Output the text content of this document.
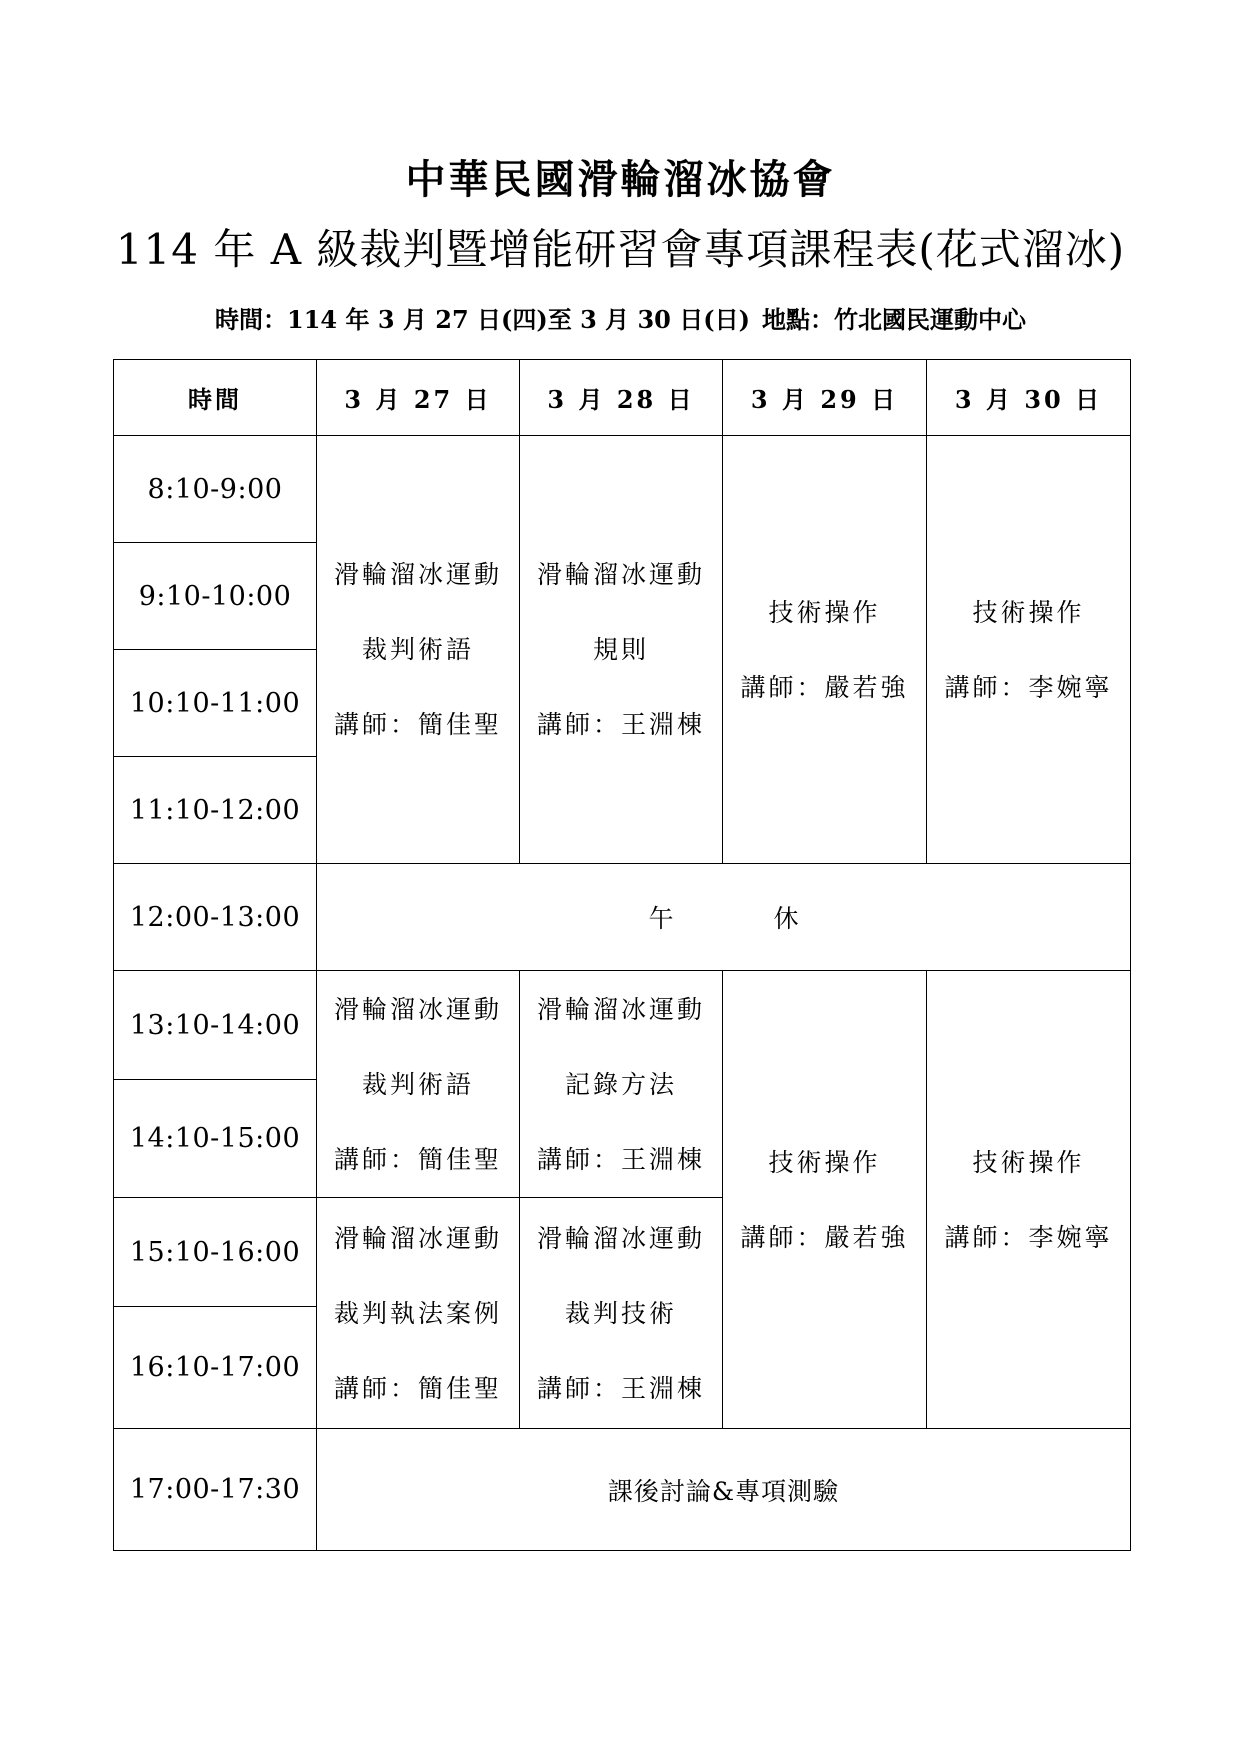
中華民國滑輪溜冰協會
114 年 A 級裁判暨增能研習會專項課程表(花式溜冰)
時間：114 年 3 月 27 日(四)至 3 月 30 日(日) 地點：竹北國民運動中心
時間	3 月 27 日	3 月 28 日	3 月 29 日	3 月 30 日
8:10-9:00	滑輪溜冰運動
裁判術語
講師：簡佳聖	滑輪溜冰運動
規則
講師：王淵棟	技術操作
講師：嚴若強	技術操作
講師：李婉寧

9:10-10:00				
10:10-11:00				
11:10-12:00				
12:00-13:00	午 休			
13:10-14:00	滑輪溜冰運動
裁判術語
講師：簡佳聖	滑輪溜冰運動
記錄方法
講師：王淵棟	技術操作
講師：嚴若強	技術操作
講師：李婉寧

14:10-15:00				
15:10-16:00	滑輪溜冰運動
裁判執法案例
講師：簡佳聖	滑輪溜冰運動
裁判技術
講師：王淵棟		

16:10-17:00				
17:00-17:30	課後討論&專項測驗			
